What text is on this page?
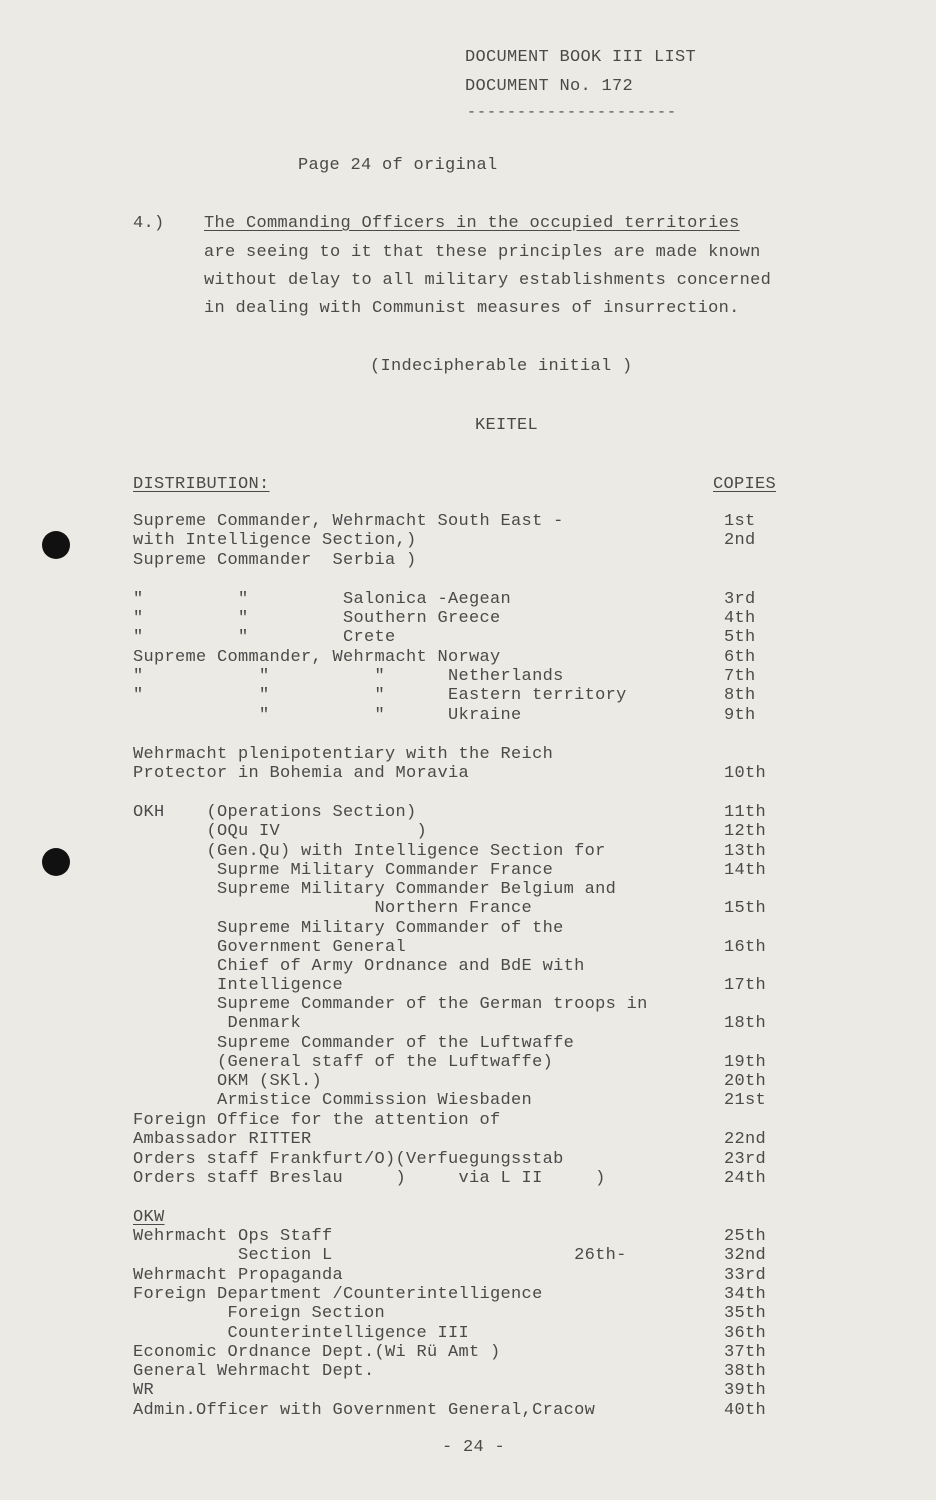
DOCUMENT BOOK III LIST
DOCUMENT No. 172
---------------------
Page 24 of original
4.) The Commanding Officers in the occupied territories
are seeing to it that these principles are made known
without delay to all military establishments concerned
in dealing with Communist measures of insurrection.
(Indecipherable initial )
KEITEL
DISTRIBUTION:	COPIES
Supreme Commander, Wehrmacht South East -	1st
with Intelligence Section,)	2nd
Supreme Commander  Serbia )
"         "         Salonica -Aegean	3rd
"         "         Southern Greece	4th
"         "         Crete	5th
Supreme Commander, Wehrmacht Norway	6th
"           "          "      Netherlands	7th
"           "          "      Eastern territory	8th
"          "      Ukraine	9th
Wehrmacht plenipotentiary with the Reich
Protector in Bohemia and Moravia	10th
OKH    (Operations Section)	11th
(OQu IV             )	12th
(Gen.Qu) with Intelligence Section for	13th
Suprme Military Commander France	14th
Supreme Military Commander Belgium and
Northern France	15th
Supreme Military Commander of the
Government General	16th
Chief of Army Ordnance and BdE with
Intelligence	17th
Supreme Commander of the German troops in
Denmark	18th
Supreme Commander of the Luftwaffe
(General staff of the Luftwaffe)	19th
OKM (SKl.)	20th
Armistice Commission Wiesbaden	21st
Foreign Office for the attention of
Ambassador RITTER	22nd
Orders staff Frankfurt/O)(Verfuegungsstab	23rd
Orders staff Breslau     )     via L II     )	24th
OKW
Wehrmacht Ops Staff	25th
Section L                       26th-	32nd
Wehrmacht Propaganda	33rd
Foreign Department /Counterintelligence	34th
Foreign Section	35th
Counterintelligence III	36th
Economic Ordnance Dept.(Wi Rü Amt )	37th
General Wehrmacht Dept.	38th
WR	39th
Admin.Officer with Government General,Cracow	40th
- 24 -
